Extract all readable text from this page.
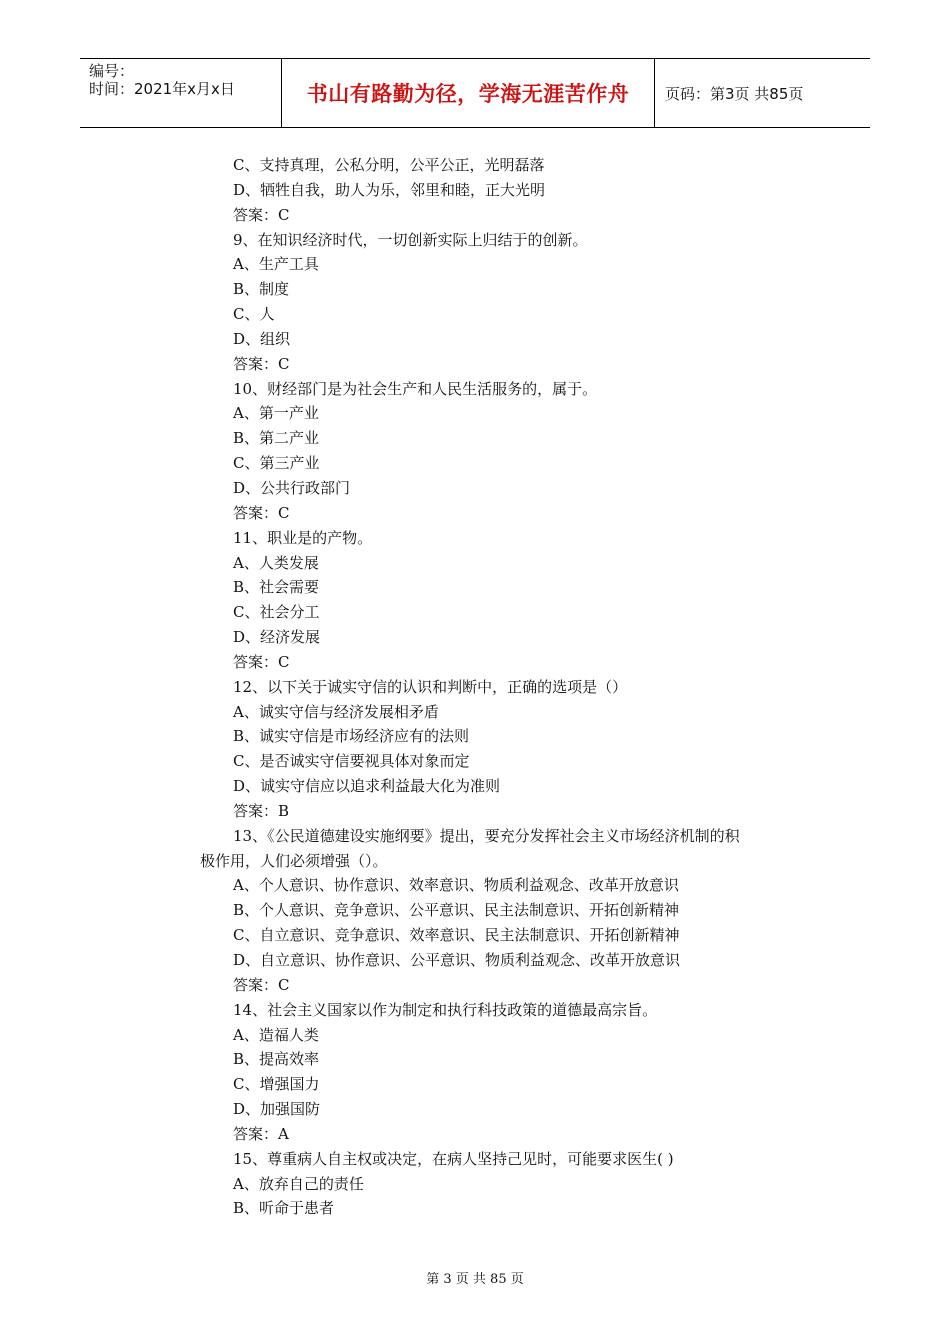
编号：
时间：2021年x月x日	书山有路勤为径，学海无涯苦作舟	页码：第3页 共85页
C、支持真理，公私分明，公平公正，光明磊落
D、牺牲自我，助人为乐，邻里和睦，正大光明
答案：C
9、在知识经济时代，一切创新实际上归结于的创新。
A、生产工具
B、制度
C、人
D、组织
答案：C
10、财经部门是为社会生产和人民生活服务的，属于。
A、第一产业
B、第二产业
C、第三产业
D、公共行政部门
答案：C
11、职业是的产物。
A、人类发展
B、社会需要
C、社会分工
D、经济发展
答案：C
12、以下关于诚实守信的认识和判断中，正确的选项是（）
A、诚实守信与经济发展相矛盾
B、诚实守信是市场经济应有的法则
C、是否诚实守信要视具体对象而定
D、诚实守信应以追求利益最大化为准则
答案：B
13、《公民道德建设实施纲要》提出，要充分发挥社会主义市场经济机制的积
极作用，人们必须增强（）。
A、个人意识、协作意识、效率意识、物质利益观念、改革开放意识
B、个人意识、竞争意识、公平意识、民主法制意识、开拓创新精神
C、自立意识、竞争意识、效率意识、民主法制意识、开拓创新精神
D、自立意识、协作意识、公平意识、物质利益观念、改革开放意识
答案：C
14、社会主义国家以作为制定和执行科技政策的道德最高宗旨。
A、造福人类
B、提高效率
C、增强国力
D、加强国防
答案：A
15、尊重病人自主权或决定，在病人坚持己见时，可能要求医生( )
A、放弃自己的责任
B、听命于患者
第 3 页 共 85 页
